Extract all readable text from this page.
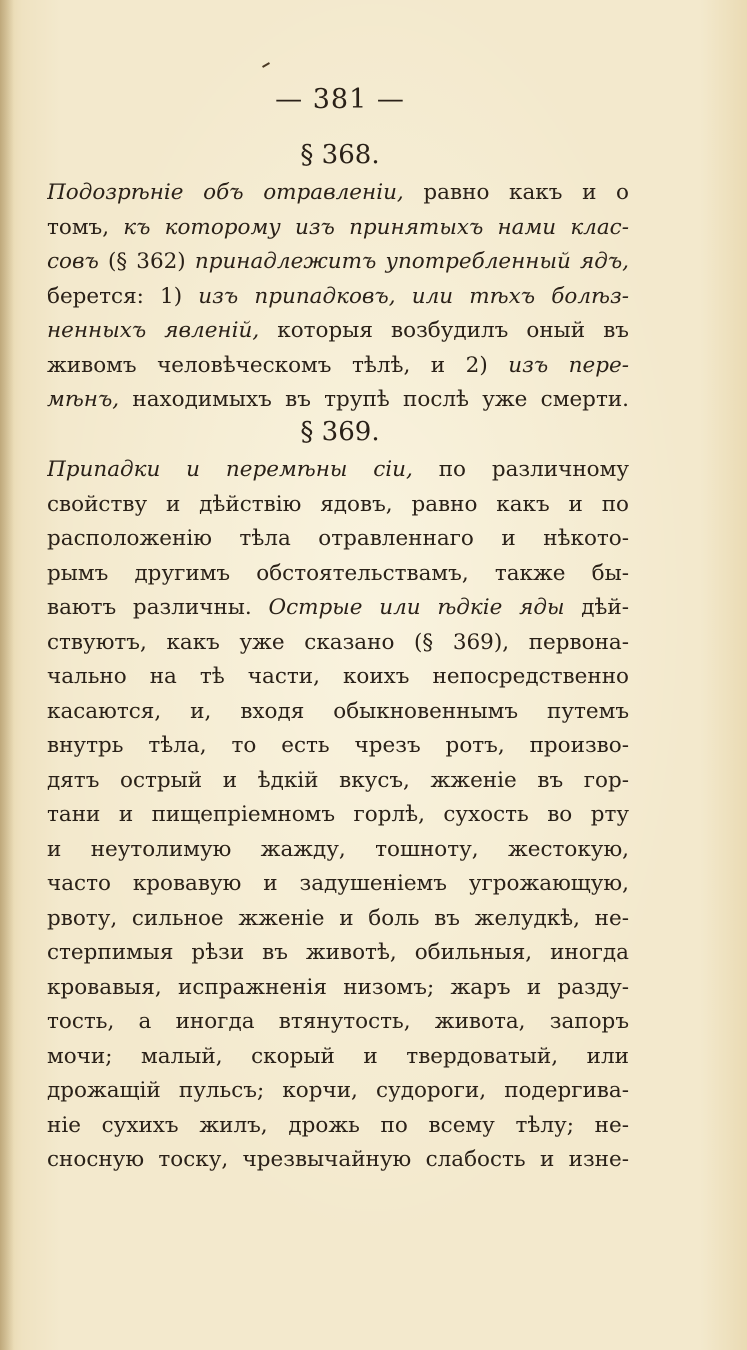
— 381 —
§ 368.
Подозрѣніе объ отравленіи, равно какъ и о
томъ, къ которому изъ принятыхъ нами клас-
совъ (§ 362) принадлежитъ употребленный ядъ,
берется: 1) изъ припадковъ, или тѣхъ болѣз-
ненныхъ явленій, которыя возбудилъ оный въ
живомъ человѣческомъ тѣлѣ, и 2) изъ пере-
мѣнъ, находимыхъ въ трупѣ послѣ уже смерти.
§ 369.
Припадки и перемѣны сіи, по различному
свойству и дѣйствію ядовъ, равно какъ и по
расположенію тѣла отравленнаго и нѣкото-
рымъ другимъ обстоятельствамъ, также бы-
ваютъ различны. Острые или ѣдкіе яды дѣй-
ствуютъ, какъ уже сказано (§ 369), первона-
чально на тѣ части, коихъ непосредственно
касаются, и, входя обыкновеннымъ путемъ
внутрь тѣла, то есть чрезъ ротъ, произво-
дятъ острый и ѣдкій вкусъ, жженіе въ гор-
тани и пищепріемномъ горлѣ, сухость во рту
и неутолимую жажду, тошноту, жестокую,
часто кровавую и задушеніемъ угрожающую,
рвоту, сильное жженіе и боль въ желудкѣ, не-
стерпимыя рѣзи въ животѣ, обильныя, иногда
кровавыя, испражненія низомъ; жаръ и разду-
тость, а иногда втянутость, живота, запоръ
мочи; малый, скорый и твердоватый, или
дрожащій пульсъ; корчи, судороги, подергива-
ніе сухихъ жилъ, дрожь по всему тѣлу; не-
сносную тоску, чрезвычайную слабость и изне-
